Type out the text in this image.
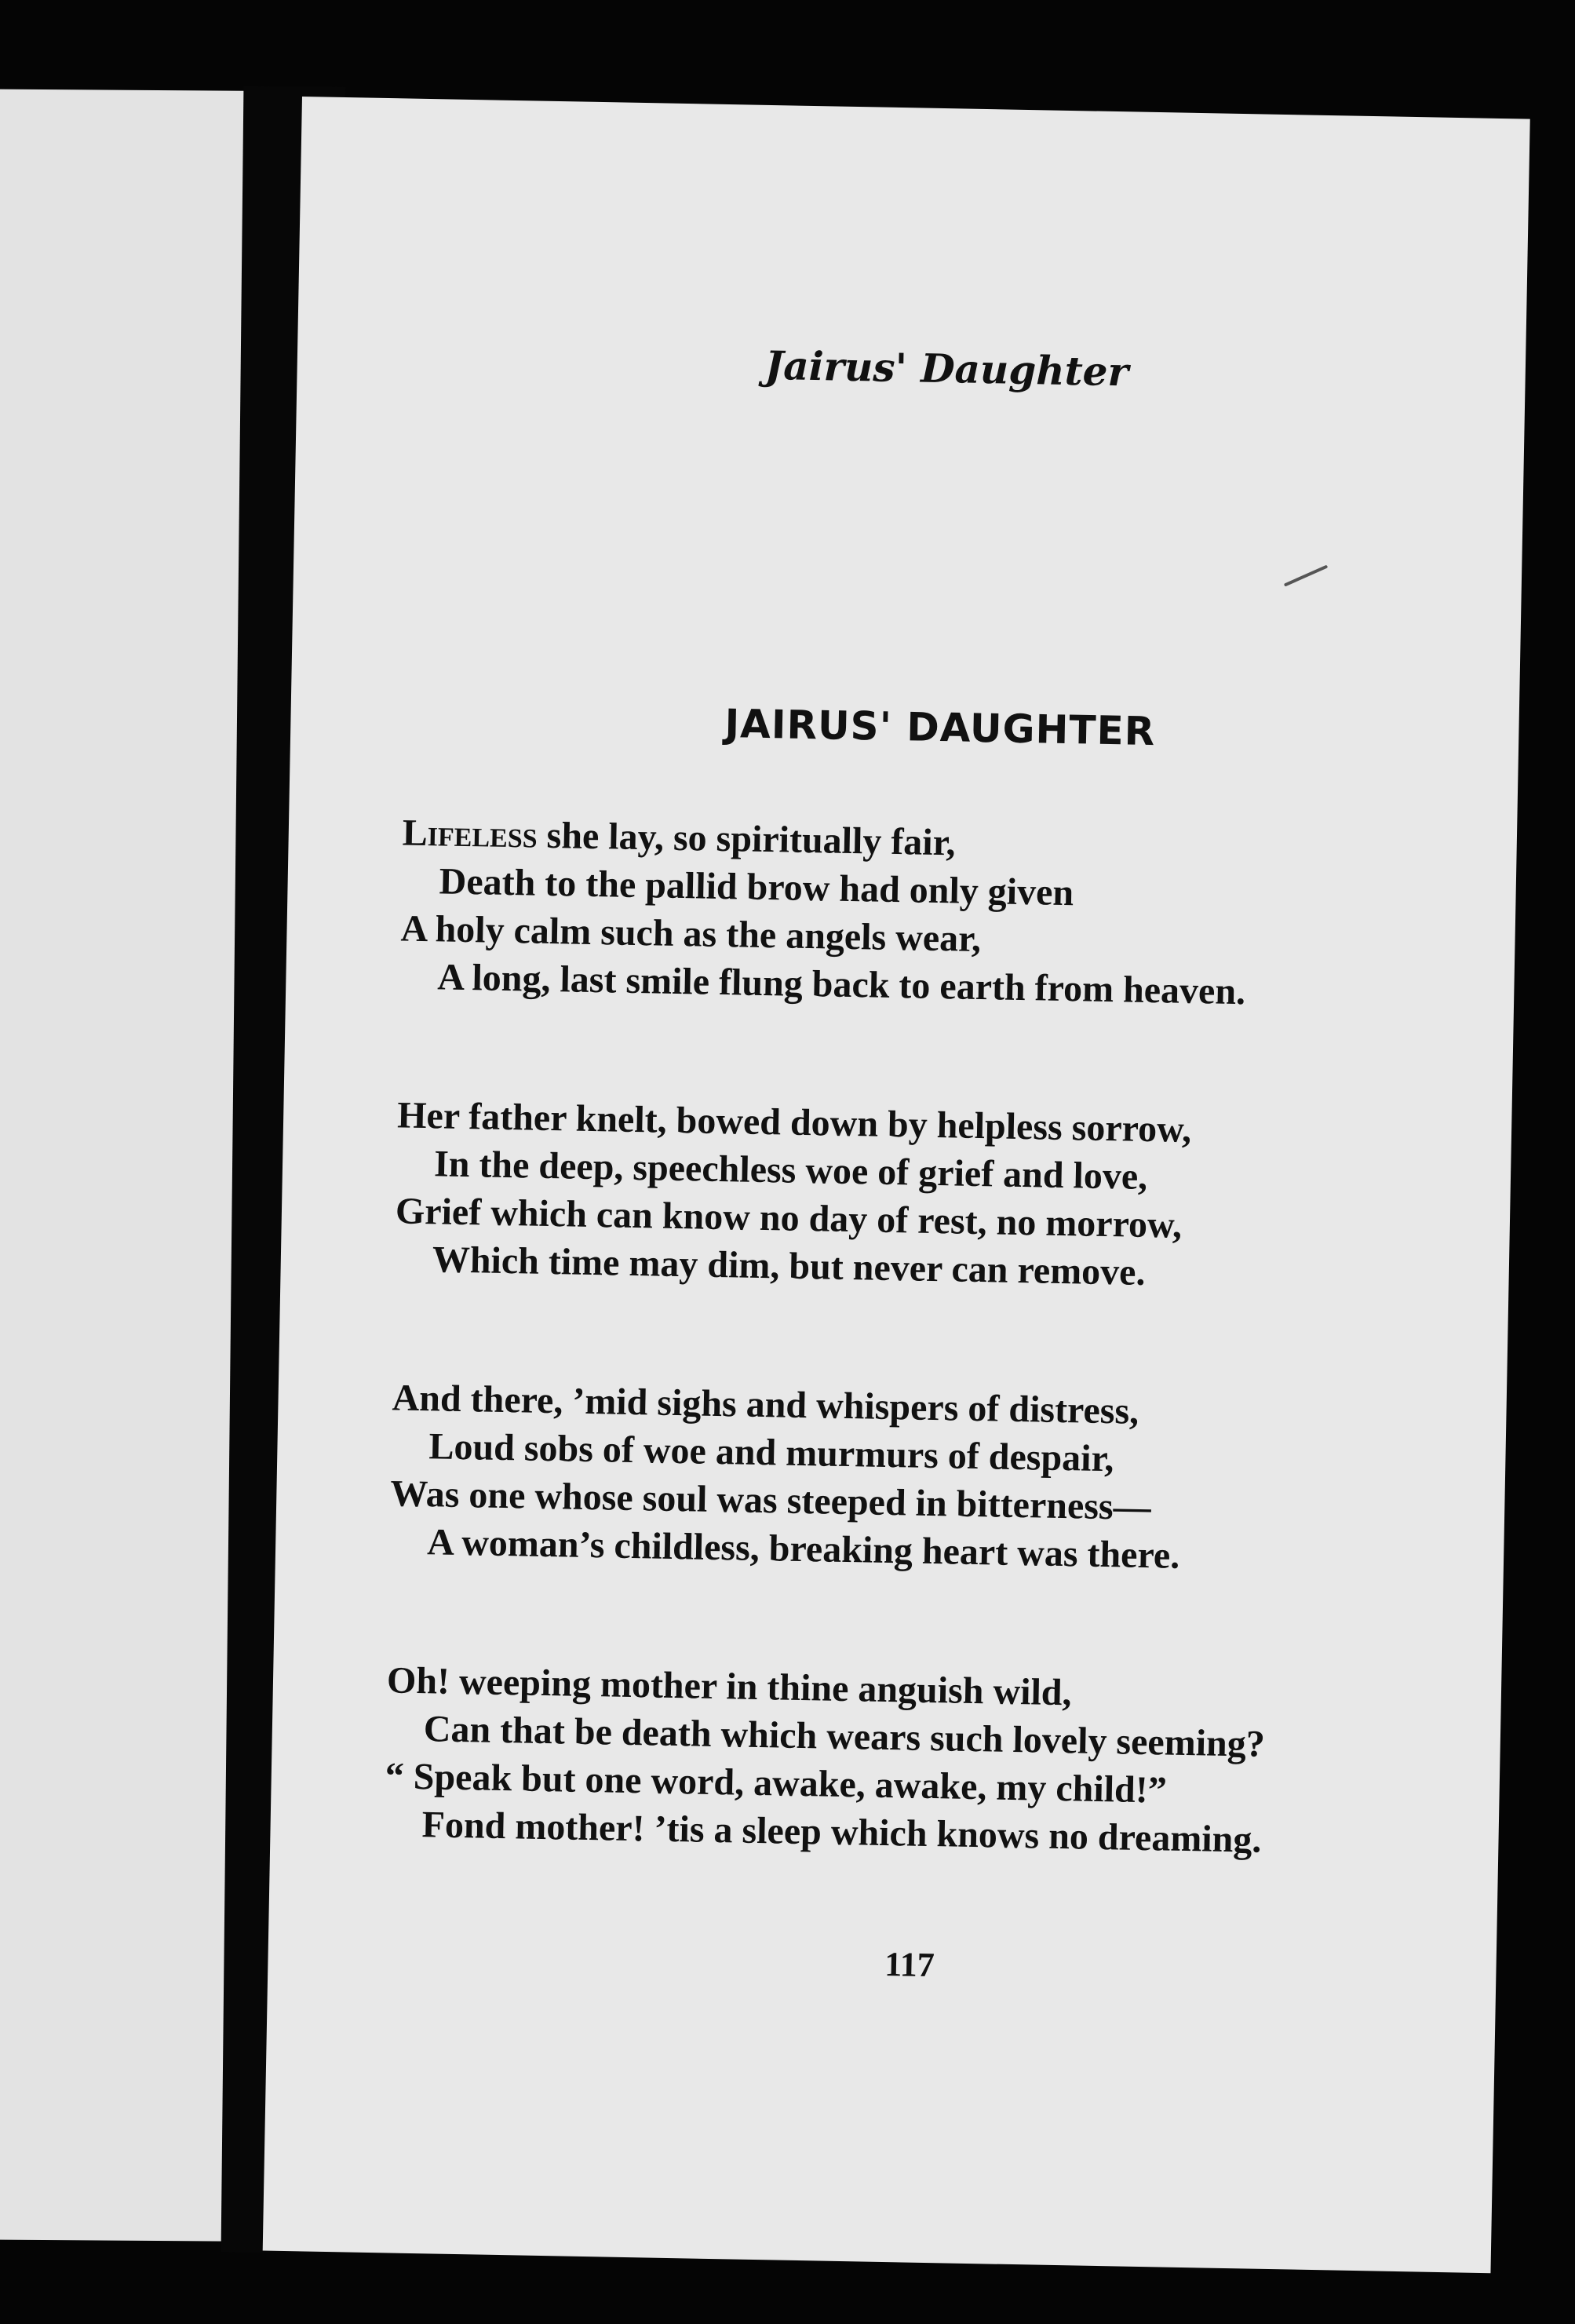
Jairus' Daughter
JAIRUS' DAUGHTER
Lifeless she lay, so spiritually fair,
Death to the pallid brow had only given
A holy calm such as the angels wear,
A long, last smile flung back to earth from heaven.
Her father knelt, bowed down by helpless sorrow,
In the deep, speechless woe of grief and love,
Grief which can know no day of rest, no morrow,
Which time may dim, but never can remove.
And there, ’mid sighs and whispers of distress,
Loud sobs of woe and murmurs of despair,
Was one whose soul was steeped in bitterness—
A woman’s childless, breaking heart was there.
Oh! weeping mother in thine anguish wild,
Can that be death which wears such lovely seeming?
“ Speak but one word, awake, awake, my child!”
Fond mother! ’tis a sleep which knows no dreaming.
117
